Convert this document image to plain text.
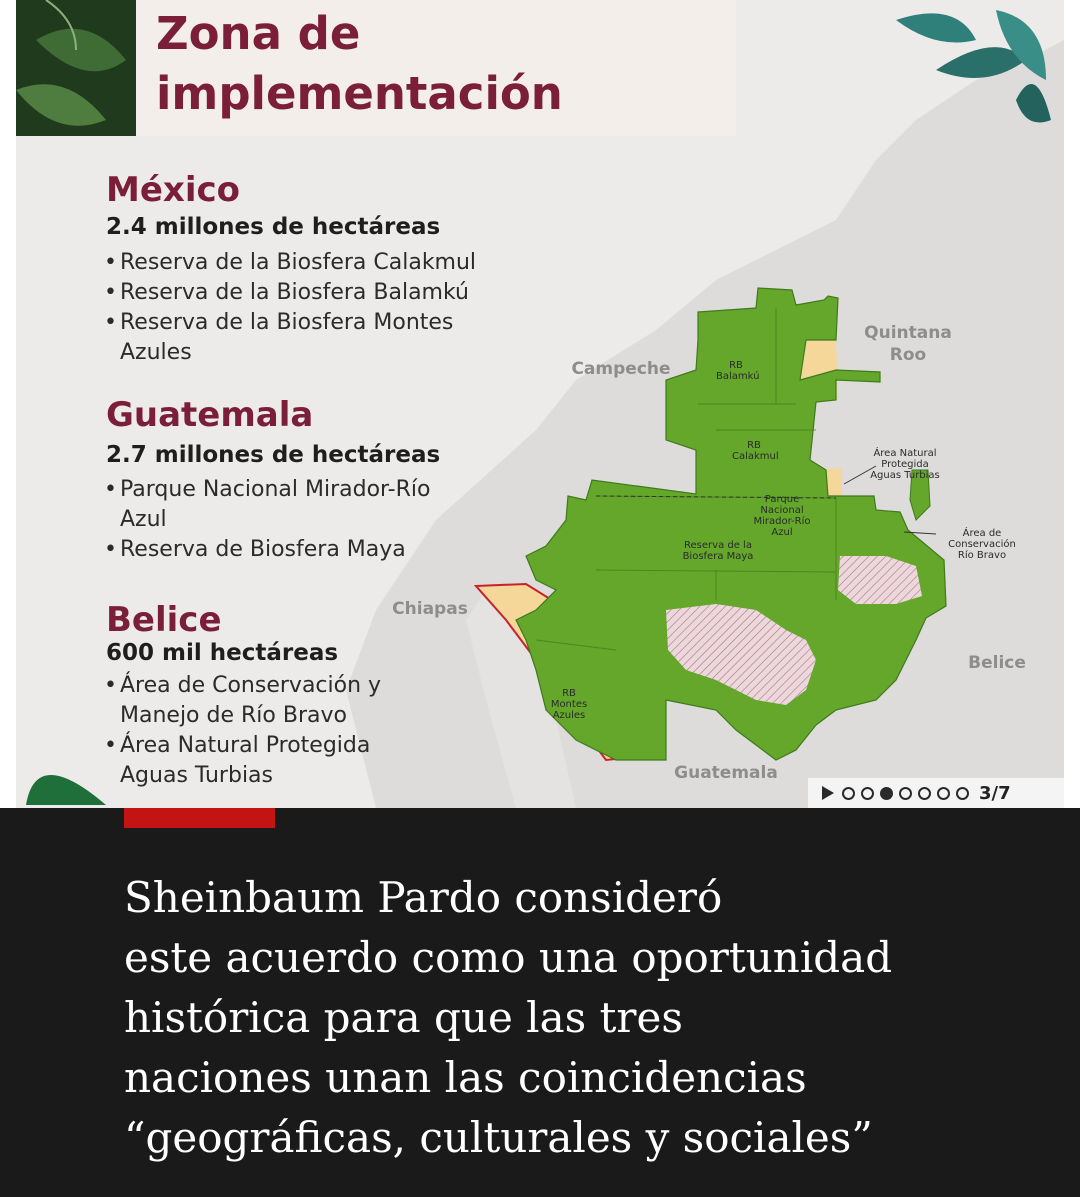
Zona de
implementación
México
2.4 millones de hectáreas
• Reserva de la Biosfera Calakmul
• Reserva de la Biosfera Balamkú
• Reserva de la Biosfera Montes Azules
Guatemala
2.7 millones de hectáreas
• Parque Nacional Mirador-Río Azul
• Reserva de Biosfera Maya
Belice
600 mil hectáreas
• Área de Conservación y Manejo de Río Bravo
• Área Natural Protegida Aguas Turbias
RB
Balamkú
RB
Calakmul
Parque Nacional
Mirador-Río Azul
Reserva de la
Biosfera Maya
RB
Montes Azules
Área Natural Protegida
Aguas Turbias
Área de Conservación
Río Bravo
Quintana Roo
Campeche
Chiapas
Belice
Guatemala
3/7
Sheinbaum Pardo consideró
este acuerdo como una oportunidad
histórica para que las tres
naciones unan las coincidencias
“geográficas, culturales y sociales”
